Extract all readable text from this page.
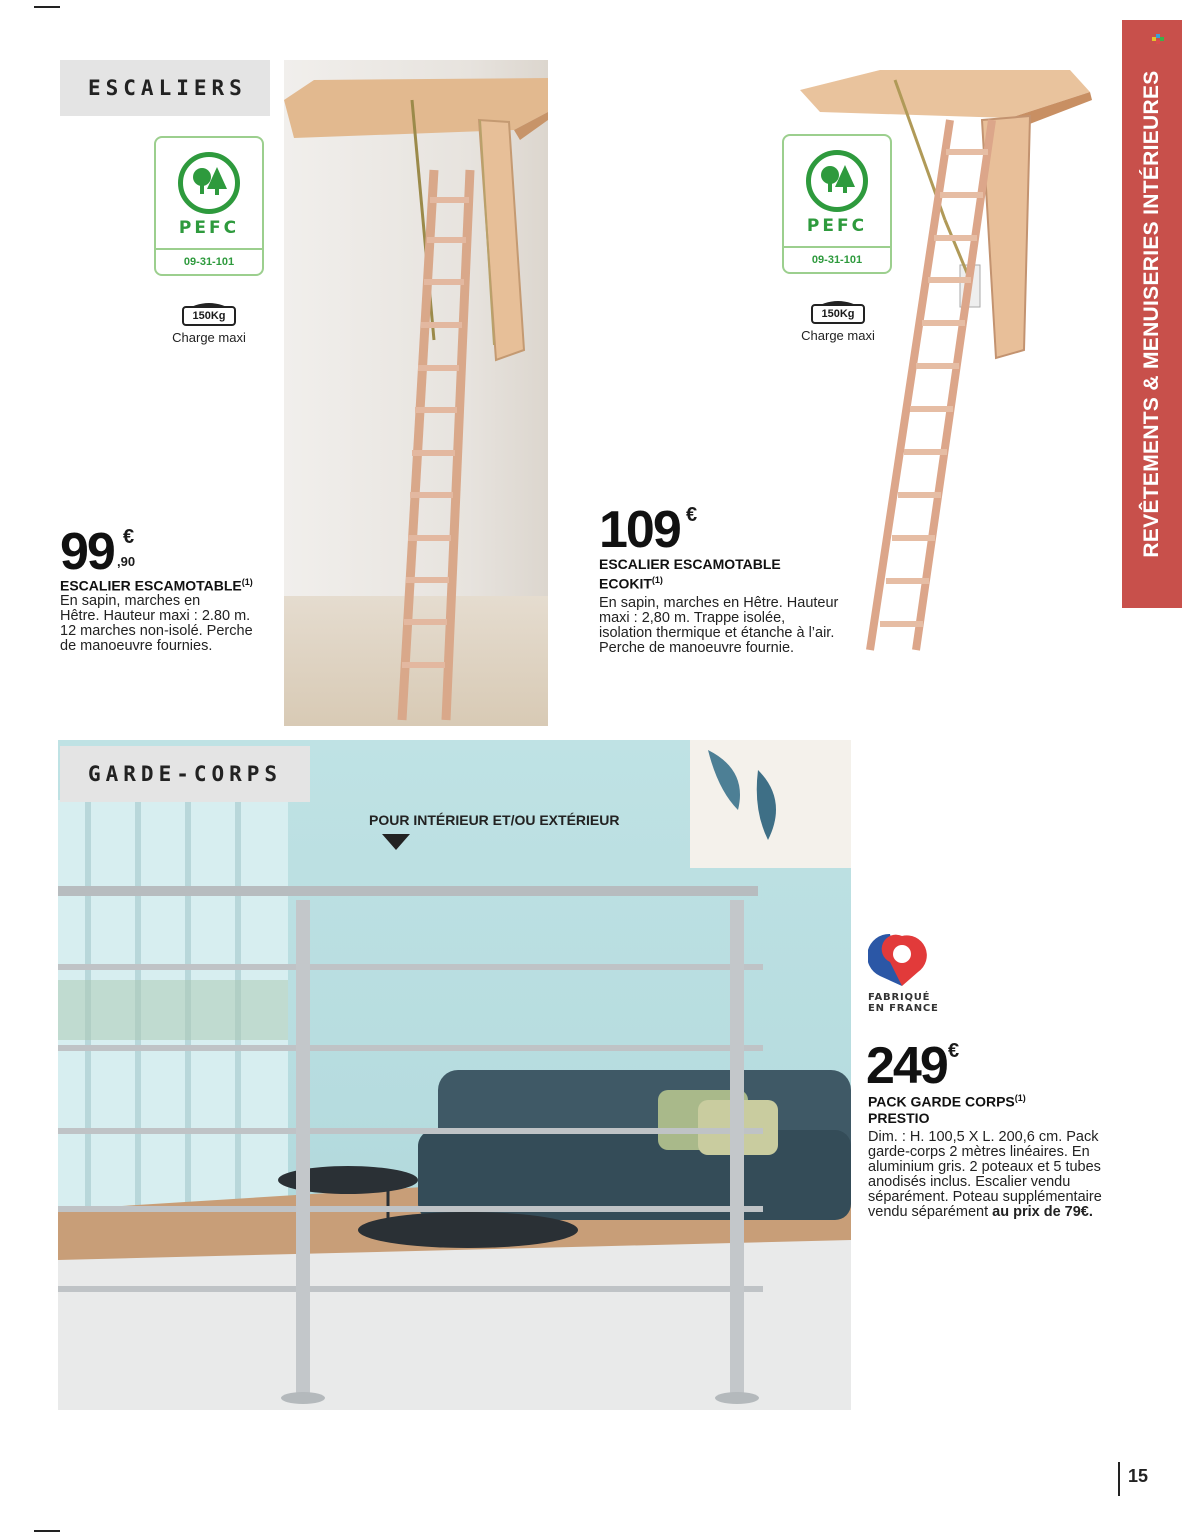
REVÊTEMENTS & MENUISERIES INTÉRIEURES
ESCALIERS
PEFC
09-31-101
150Kg
Charge maxi
99 €
,90
ESCALIER ESCAMOTABLE$^{(1)}$
En sapin, marches en
Hêtre. Hauteur maxi : 2.80 m.
12 marches non-isolé. Perche
de manoeuvre fournies.
PEFC
09-31-101
150Kg
Charge maxi
109 €
ESCALIER ESCAMOTABLE
ECOKIT$^{(1)}$
En sapin, marches en Hêtre. Hauteur
maxi : 2,80 m. Trappe isolée,
isolation thermique et étanche à l’air.
Perche de manoeuvre fournie.
GARDE-CORPS
POUR INTÉRIEUR ET/OU EXTÉRIEUR
FABRIQUÉ
EN FRANCE
249 €
PACK GARDE CORPS$^{(1)}$
PRESTIO
Dim. : H. 100,5 X L. 200,6 cm. Pack
garde-corps 2 mètres linéaires. En
aluminium gris. 2 poteaux et 5 tubes
anodisés inclus. Escalier vendu
séparément. Poteau supplémentaire
vendu séparément au prix de 79€.
15
